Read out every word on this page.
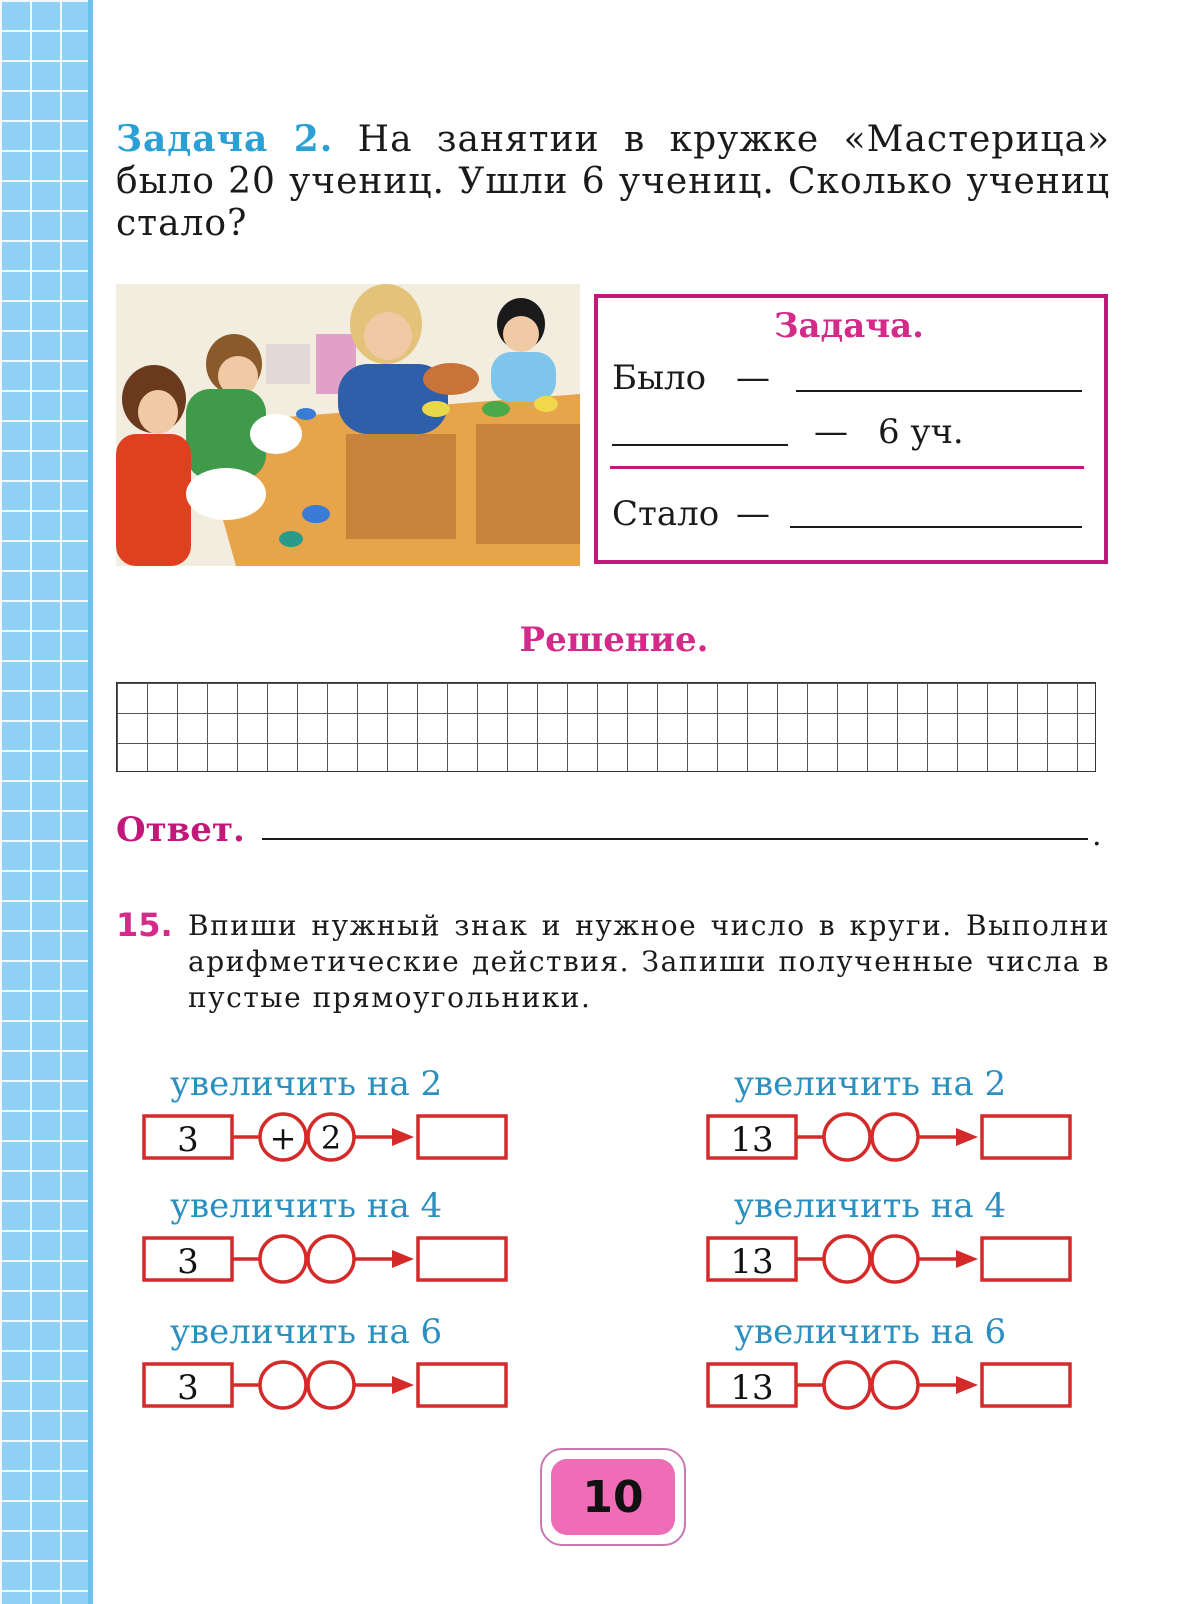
Задача 2. На занятии в кружке «Мастерица» было 20 учениц. Ушли 6 учениц. Сколько учениц стало?
Задача.
Было —
— 6 уч.
Стало —
Решение.
Ответ.	.
15. Впиши нужный знак и нужное число в круги. Выполни арифметические действия. Запиши полученные числа в пустые прямоугольники.
увеличить на 2
3 + 2
увеличить на 4
3
увеличить на 6
3
увеличить на 2
13
увеличить на 4
13
увеличить на 6
13
10
